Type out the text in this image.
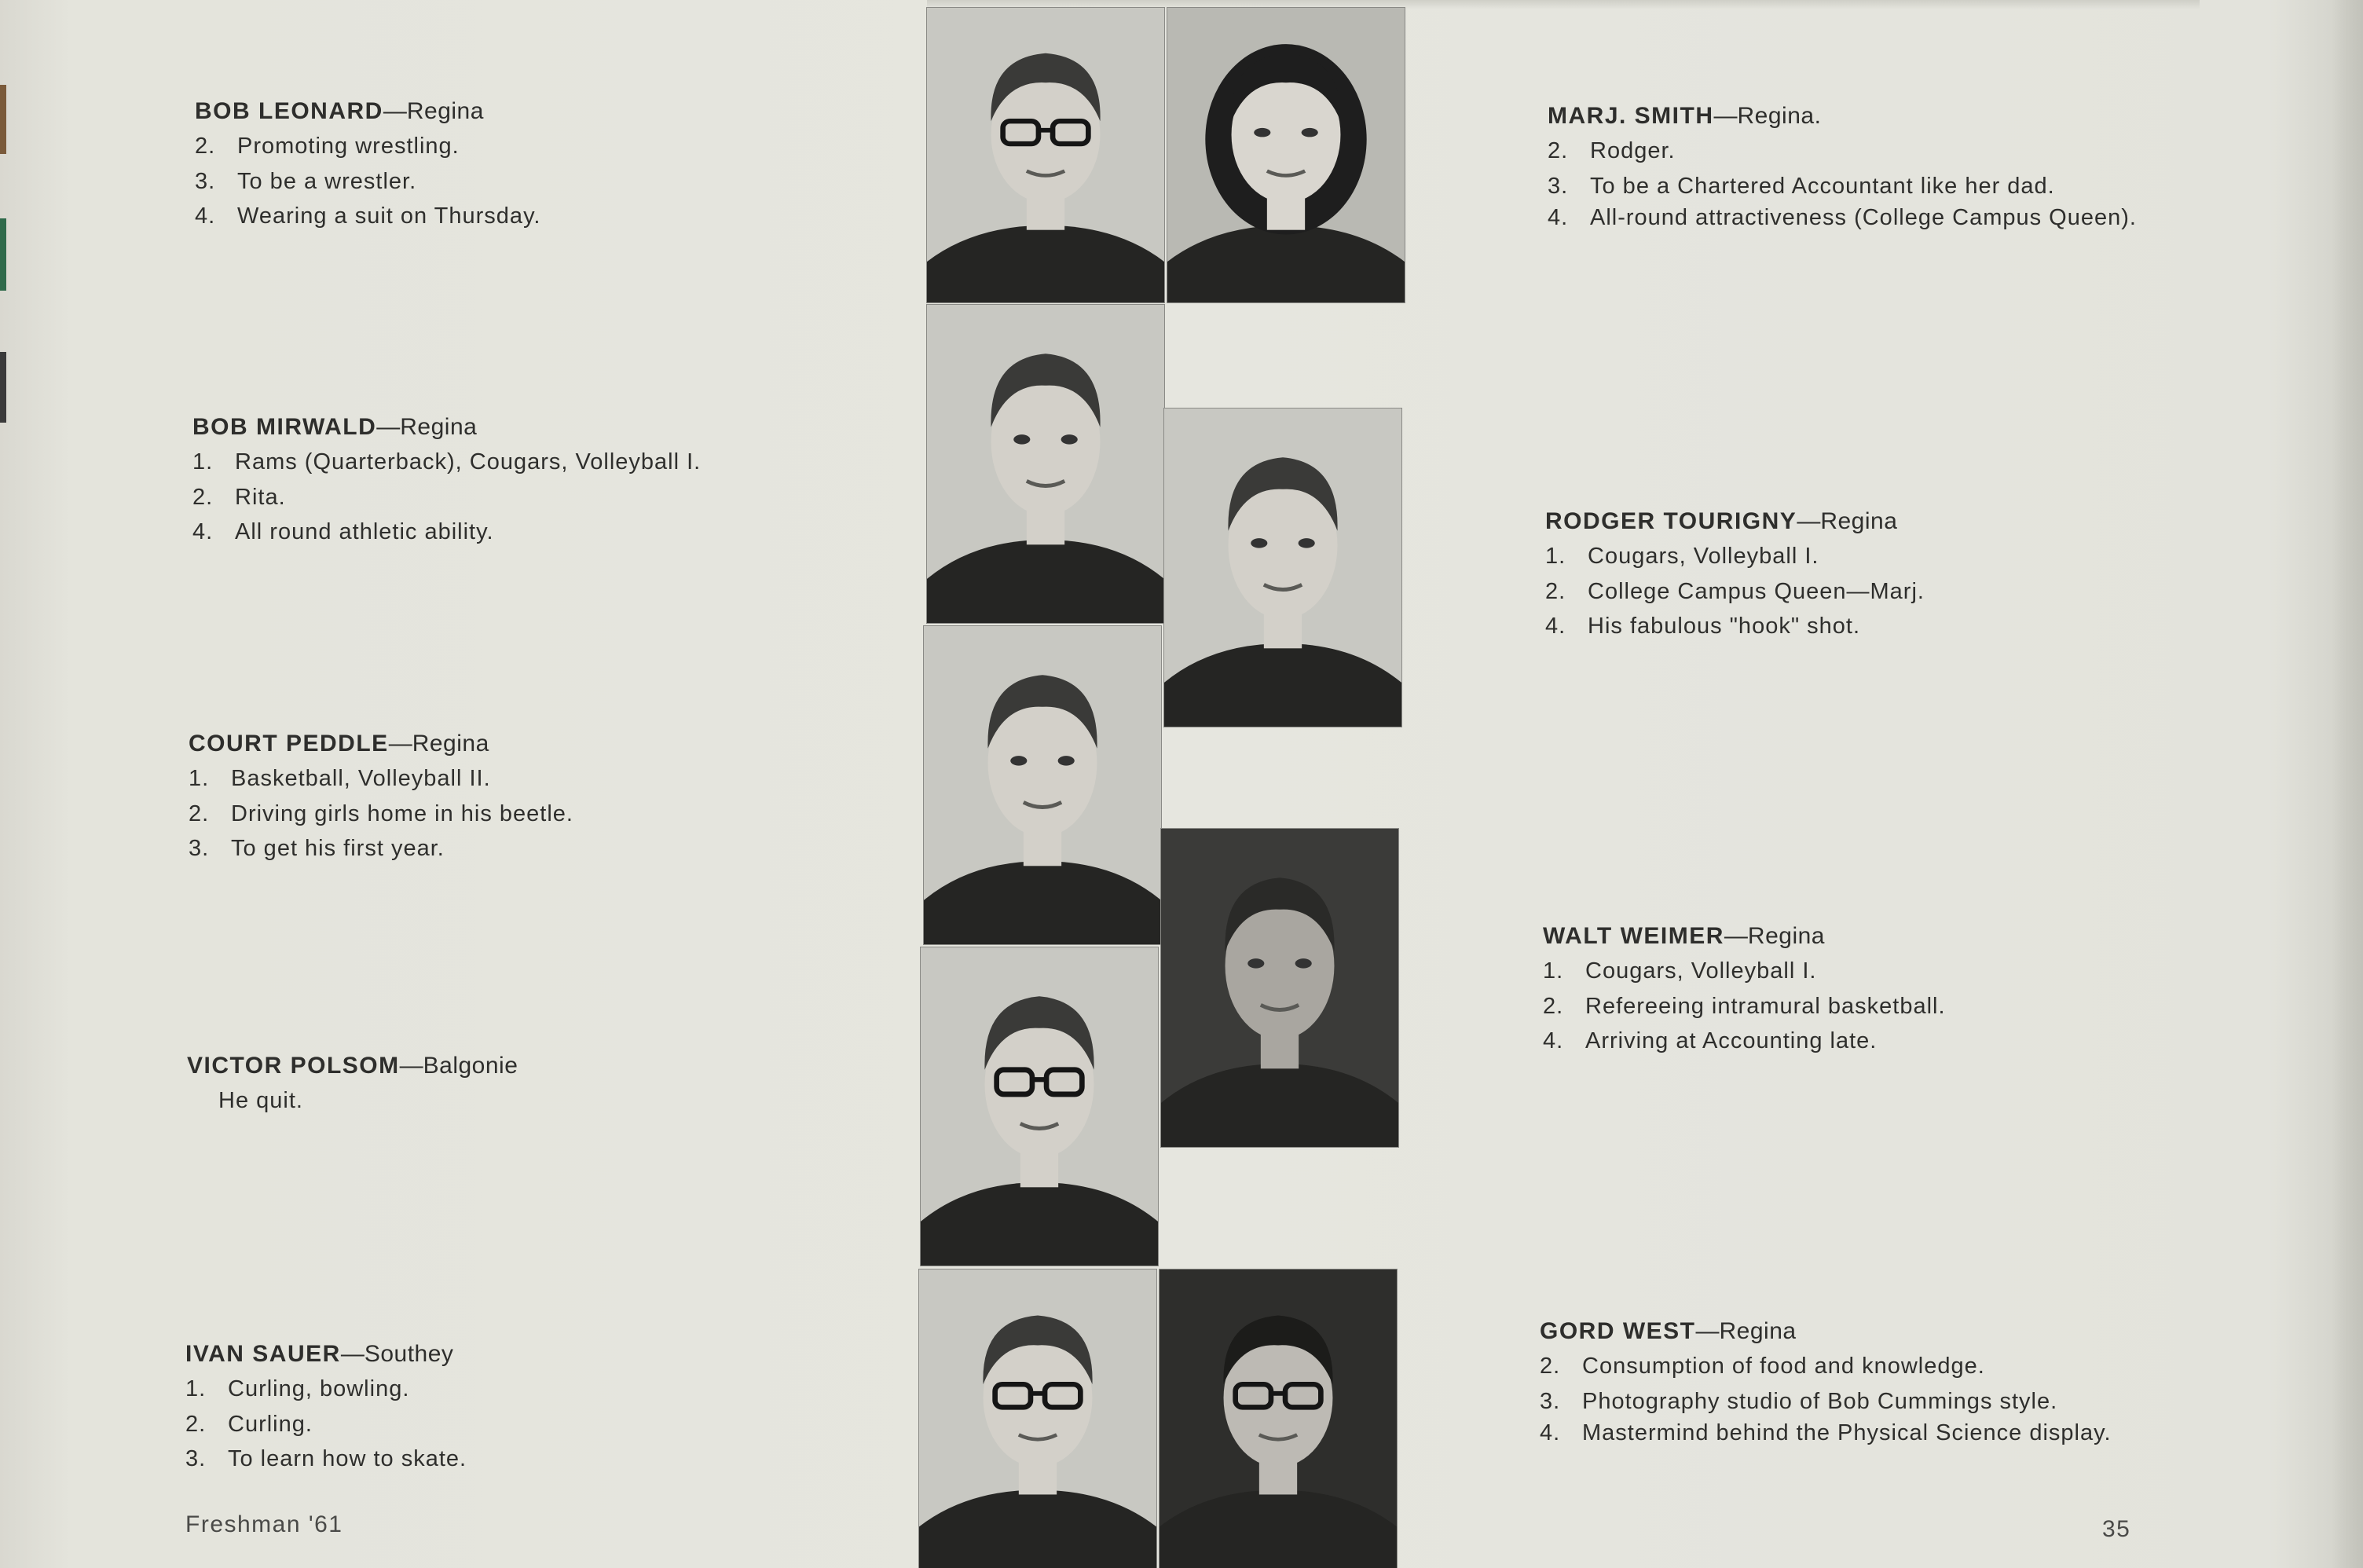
BOB LEONARD—Regina
2. Promoting wrestling.
3. To be a wrestler.
4. Wearing a suit on Thursday.
BOB MIRWALD—Regina
1. Rams (Quarterback), Cougars, Volleyball I.
2. Rita.
4. All round athletic ability.
COURT PEDDLE—Regina
1. Basketball, Volleyball II.
2. Driving girls home in his beetle.
3. To get his first year.
VICTOR POLSOM—Balgonie
He quit.
IVAN SAUER—Southey
1. Curling, bowling.
2. Curling.
3. To learn how to skate.
MARJ. SMITH—Regina.
2. Rodger.
3. To be a Chartered Accountant like her dad.
4. All-round attractiveness (College Campus Queen).
RODGER TOURIGNY—Regina
1. Cougars, Volleyball I.
2. College Campus Queen—Marj.
4. His fabulous "hook" shot.
WALT WEIMER—Regina
1. Cougars, Volleyball I.
2. Refereeing intramural basketball.
4. Arriving at Accounting late.
GORD WEST—Regina
2. Consumption of food and knowledge.
3. Photography studio of Bob Cummings style.
4. Mastermind behind the Physical Science display.
Freshman '61	35
